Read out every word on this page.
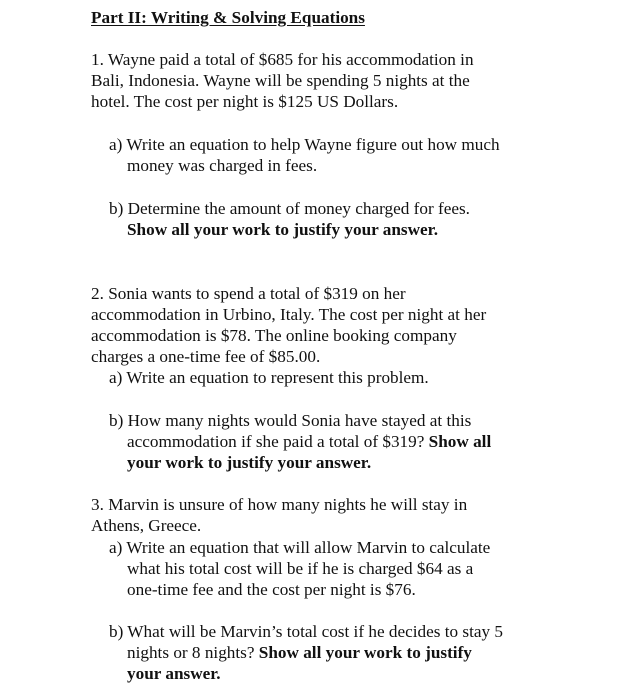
Part II: Writing & Solving Equations
1. Wayne paid a total of $685 for his accommodation in
Bali, Indonesia. Wayne will be spending 5 nights at the
hotel. The cost per night is $125 US Dollars.
a) Write an equation to help Wayne figure out how much
money was charged in fees.
b) Determine the amount of money charged for fees.
Show all your work to justify your answer.
2. Sonia wants to spend a total of $319 on her
accommodation in Urbino, Italy. The cost per night at her
accommodation is $78. The online booking company
charges a one-time fee of $85.00.
a) Write an equation to represent this problem.
b) How many nights would Sonia have stayed at this
accommodation if she paid a total of $319? Show all
your work to justify your answer.
3. Marvin is unsure of how many nights he will stay in
Athens, Greece.
a) Write an equation that will allow Marvin to calculate
what his total cost will be if he is charged $64 as a
one-time fee and the cost per night is $76.
b) What will be Marvin’s total cost if he decides to stay 5
nights or 8 nights? Show all your work to justify
your answer.
